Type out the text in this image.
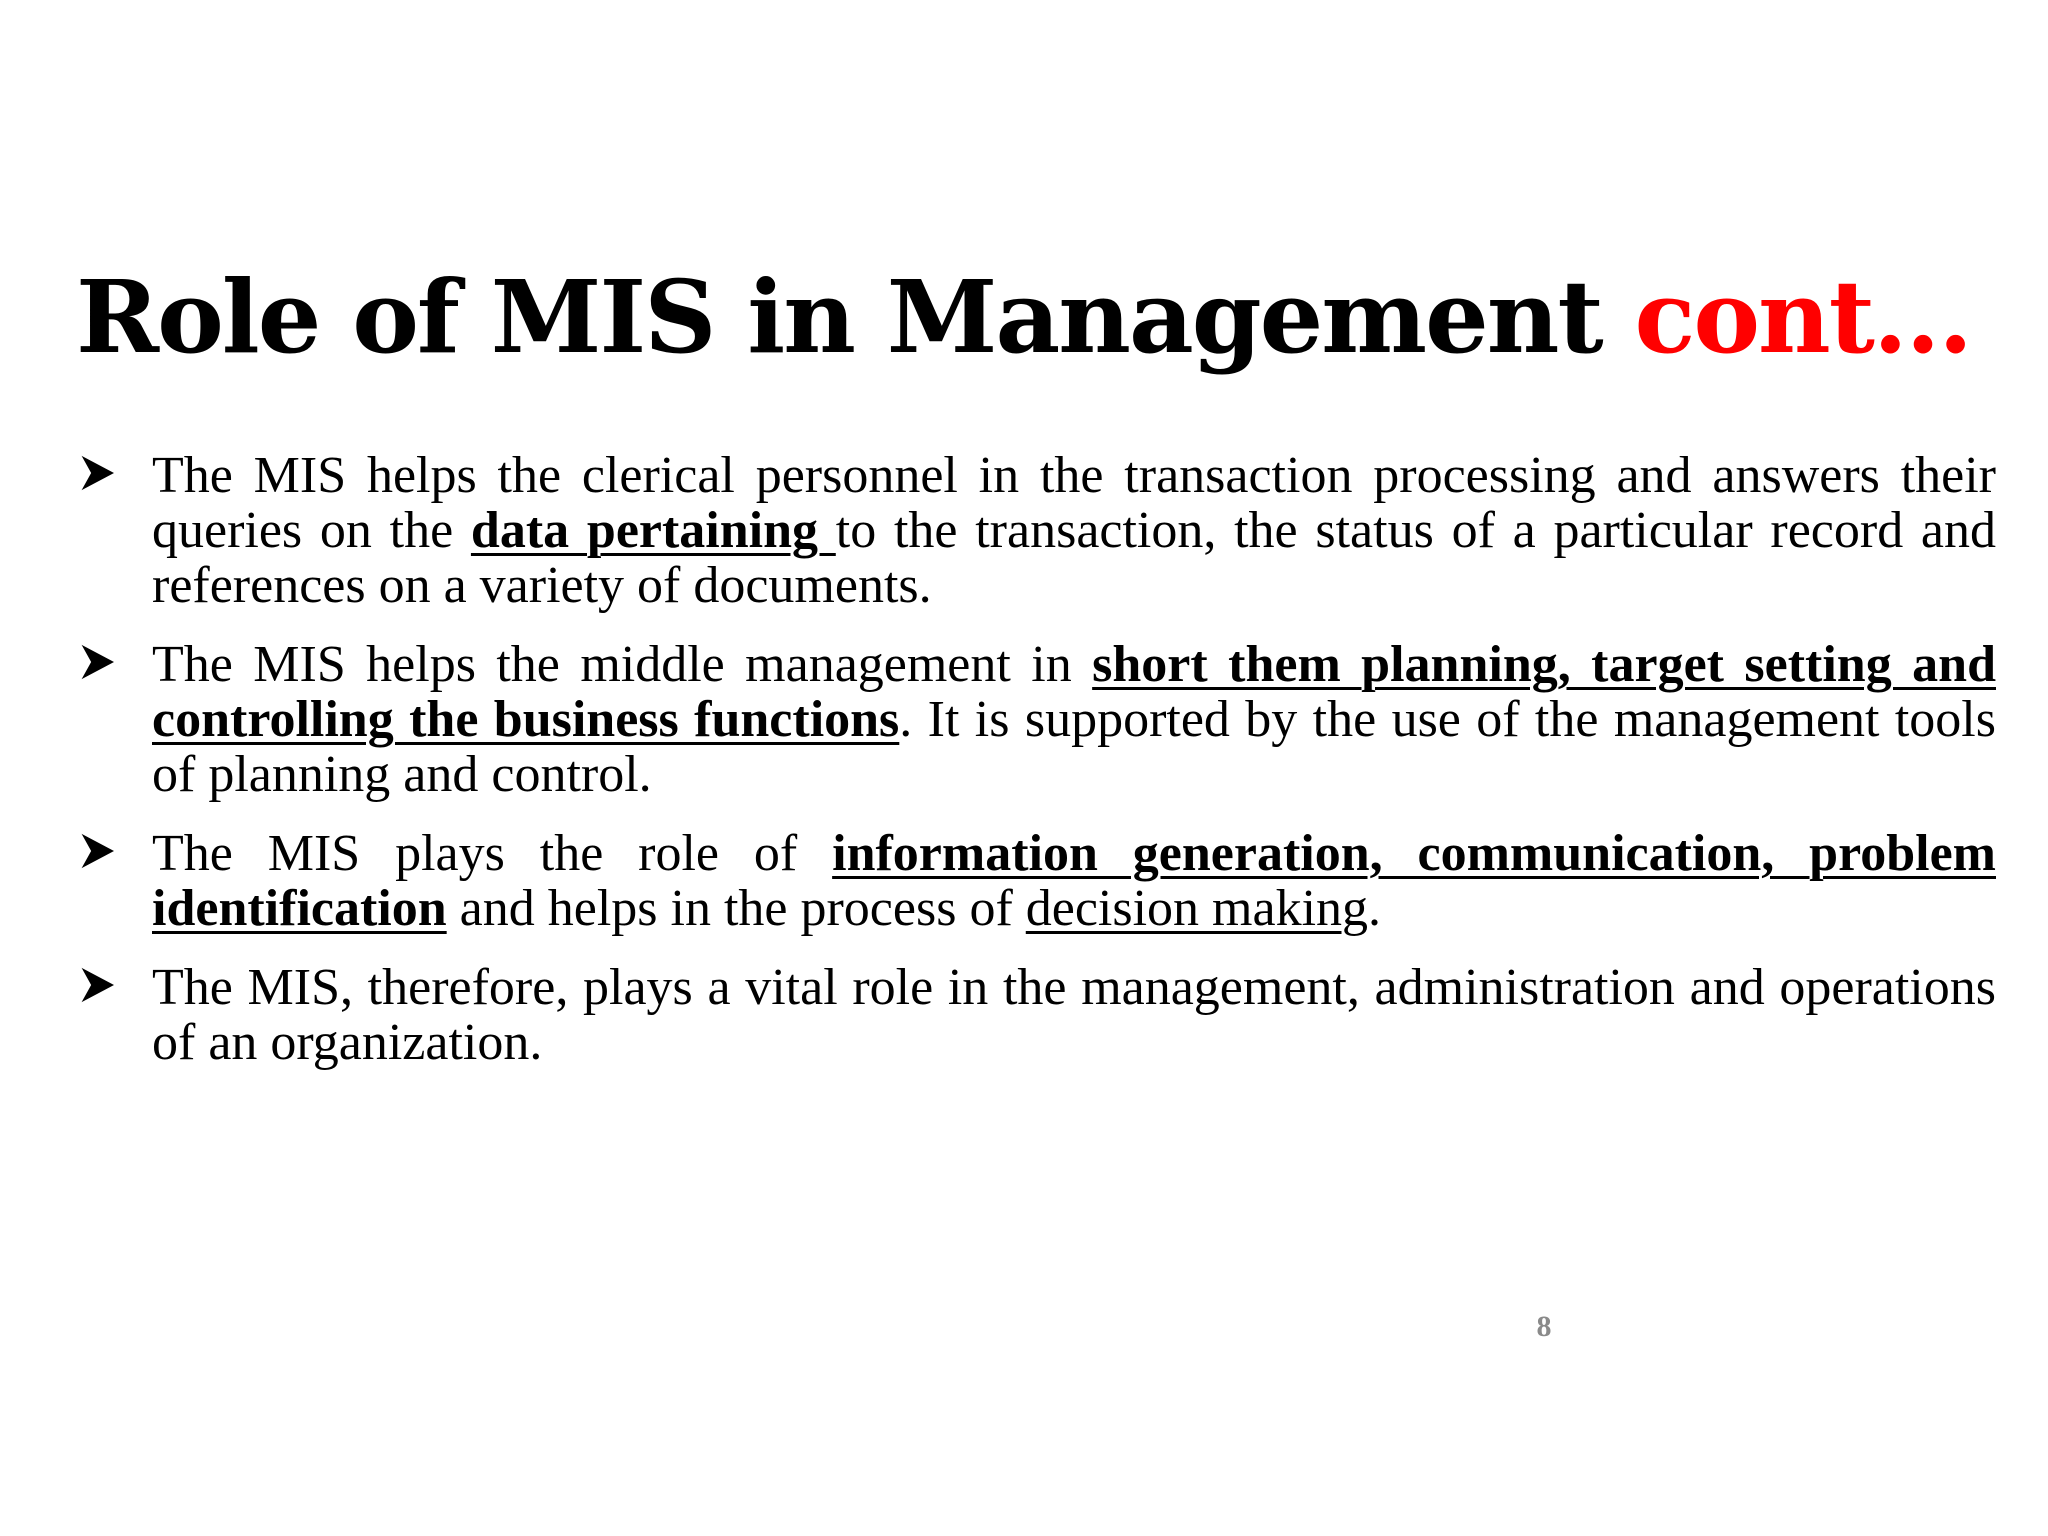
Role of MIS in Management cont…
The MIS helps the clerical personnel in the transaction processing and answers their queries on the data pertaining to the transaction, the status of a particular record and references on a variety of documents.
The MIS helps the middle management in short them planning, target setting and controlling the business functions. It is supported by the use of the management tools of planning and control.
The MIS plays the role of information generation, communication, problem identification and helps in the process of decision making.
The MIS, therefore, plays a vital role in the management, administration and operations of an organization.
8
